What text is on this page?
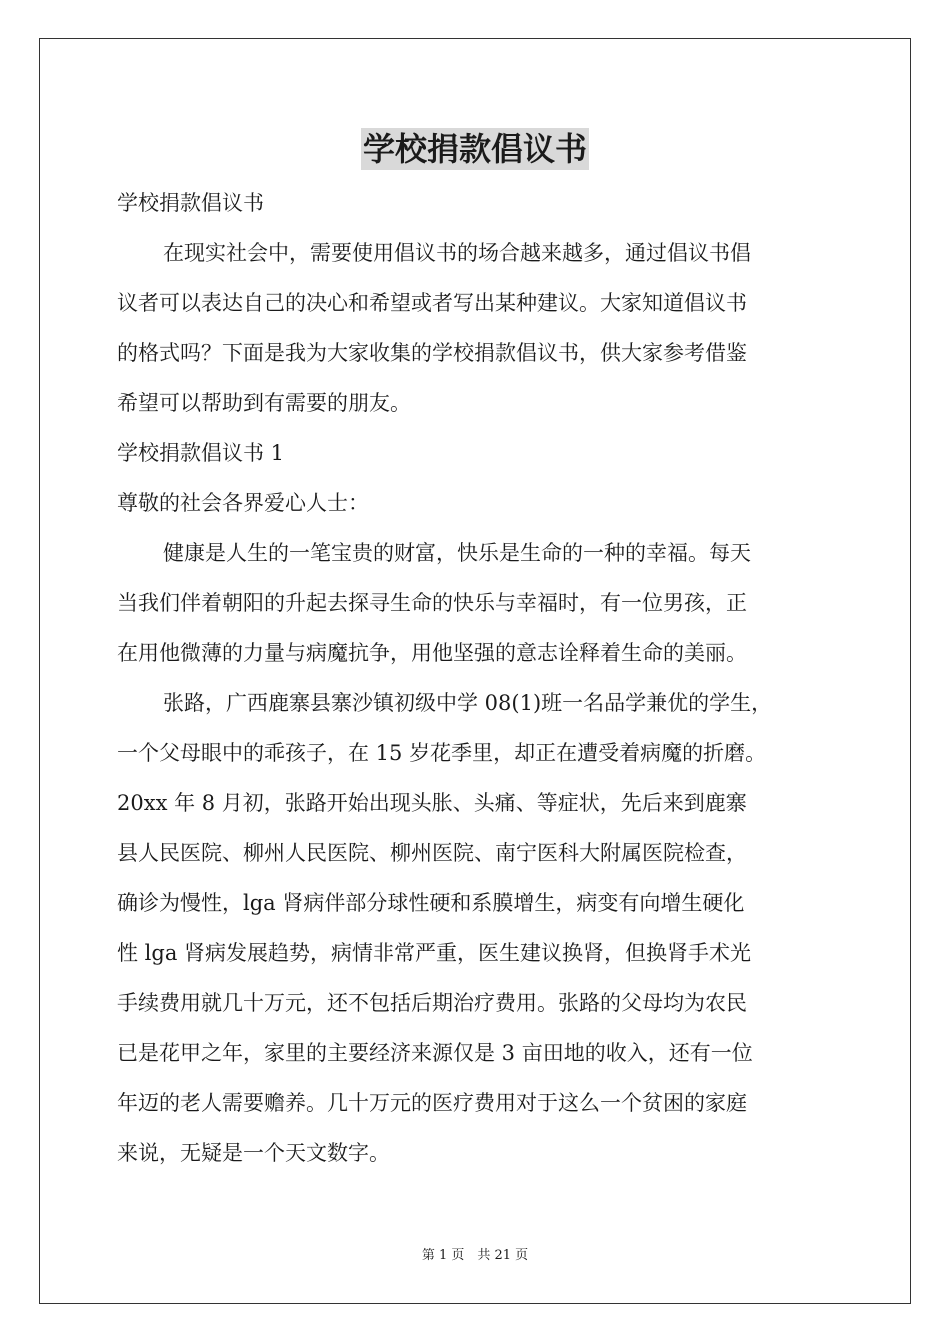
学校捐款倡议书
学校捐款倡议书
在现实社会中，需要使用倡议书的场合越来越多，通过倡议书倡
议者可以表达自己的决心和希望或者写出某种建议。大家知道倡议书
的格式吗？下面是我为大家收集的学校捐款倡议书，供大家参考借鉴
希望可以帮助到有需要的朋友。
学校捐款倡议书 1
尊敬的社会各界爱心人士：
健康是人生的一笔宝贵的财富，快乐是生命的一种的幸福。每天
当我们伴着朝阳的升起去探寻生命的快乐与幸福时，有一位男孩，正
在用他微薄的力量与病魔抗争，用他坚强的意志诠释着生命的美丽。
张路，广西鹿寨县寨沙镇初级中学 08(1)班一名品学兼优的学生，
一个父母眼中的乖孩子，在 15 岁花季里，却正在遭受着病魔的折磨。
20xx 年 8 月初，张路开始出现头胀、头痛、等症状，先后来到鹿寨
县人民医院、柳州人民医院、柳州医院、南宁医科大附属医院检查，
确诊为慢性，lga 肾病伴部分球性硬和系膜增生，病变有向增生硬化
性 lga 肾病发展趋势，病情非常严重，医生建议换肾，但换肾手术光
手续费用就几十万元，还不包括后期治疗费用。张路的父母均为农民
已是花甲之年，家里的主要经济来源仅是 3 亩田地的收入，还有一位
年迈的老人需要赡养。几十万元的医疗费用对于这么一个贫困的家庭
来说，无疑是一个天文数字。
第 1 页　共 21 页
